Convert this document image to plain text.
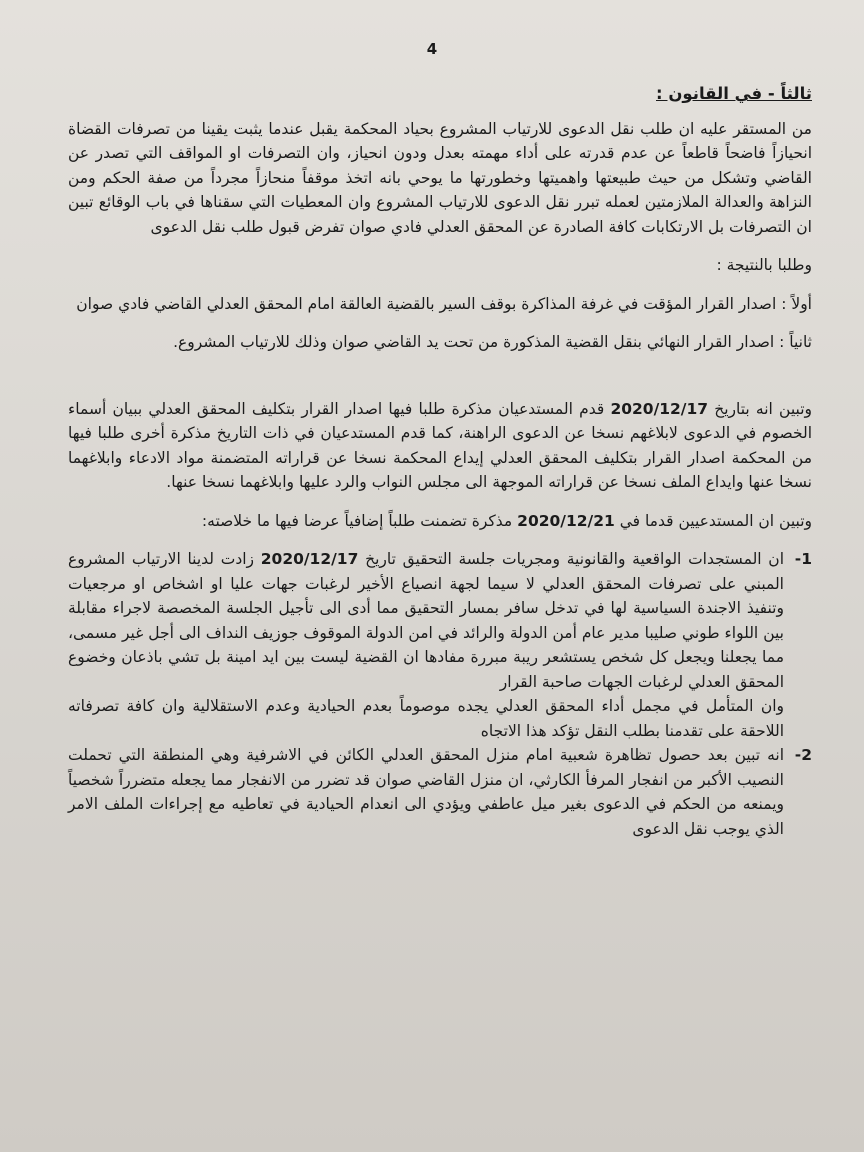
4

ثالثاً - في القانون :

من المستقر عليه ان طلب نقل الدعوى للارتياب المشروع بحياد المحكمة يقبل عندما يثبت يقينا من تصرفات القضاة انحيازاً فاضحاً قاطعاً عن عدم قدرته على أداء مهمته بعدل ودون انحياز، وان التصرفات او المواقف التي تصدر عن القاضي وتشكل من حيث طبيعتها واهميتها وخطورتها ما يوحي بانه اتخذ موقفاً منحازاً مجرداً من صفة الحكم ومن النزاهة والعدالة الملازمتين لعمله تبرر نقل الدعوى للارتياب المشروع وان المعطيات التي سقناها في باب الوقائع تبين ان التصرفات بل الارتكابات كافة الصادرة عن المحقق العدلي فادي صوان تفرض قبول طلب نقل الدعوى

وطلبا بالنتيجة :

أولاً : اصدار القرار المؤقت في غرفة المذاكرة بوقف السير بالقضية العالقة امام المحقق العدلي القاضي فادي صوان

ثانياً : اصدار القرار النهائي بنقل القضية المذكورة من تحت يد القاضي صوان وذلك للارتياب المشروع.

وتبين انه بتاريخ 2020/12/17 قدم المستدعيان مذكرة طلبا فيها اصدار القرار بتكليف المحقق العدلي ببيان أسماء الخصوم في الدعوى لابلاغهم نسخا عن الدعوى الراهنة، كما قدم المستدعيان في ذات التاريخ مذكرة أخرى طلبا فيها من المحكمة اصدار القرار بتكليف المحقق العدلي إيداع المحكمة نسخا عن قراراته المتضمنة مواد الادعاء وابلاغهما نسخا عنها وايداع الملف نسخا عن قراراته الموجهة الى مجلس النواب والرد عليها وابلاغهما نسخا عنها.

وتبين ان المستدعيين قدما في 2020/12/21 مذكرة تضمنت طلباً إضافياً عرضا فيها ما خلاصته:

1-

ان المستجدات الواقعية والقانونية ومجريات جلسة التحقيق تاريخ 2020/12/17 زادت لدينا الارتياب المشروع المبني على تصرفات المحقق العدلي لا سيما لجهة انصياع الأخير لرغبات جهات عليا او اشخاص او مرجعيات وتنفيذ الاجندة السياسية لها في تدخل سافر بمسار التحقيق مما أدى الى تأجيل الجلسة المخصصة لاجراء مقابلة بين اللواء طوني صليبا مدير عام أمن الدولة والرائد في امن الدولة الموقوف جوزيف النداف الى أجل غير مسمى، مما يجعلنا ويجعل كل شخص يستشعر ريبة مبررة مفادها ان القضية ليست بين ايد امينة بل تشي باذعان وخضوع المحقق العدلي لرغبات الجهات صاحبة القرار

وان المتأمل في مجمل أداء المحقق العدلي يجده موصوماً بعدم الحيادية وعدم الاستقلالية وان كافة تصرفاته اللاحقة على تقدمنا بطلب النقل تؤكد هذا الاتجاه

2-

انه تبين بعد حصول تظاهرة شعبية امام منزل المحقق العدلي الكائن في الاشرفية وهي المنطقة التي تحملت النصيب الأكبر من انفجار المرفأ الكارثي، ان منزل القاضي صوان قد تضرر من الانفجار مما يجعله متضرراً شخصياً ويمنعه من الحكم في الدعوى بغير ميل عاطفي ويؤدي الى انعدام الحيادية في تعاطيه مع إجراءات الملف الامر الذي يوجب نقل الدعوى
